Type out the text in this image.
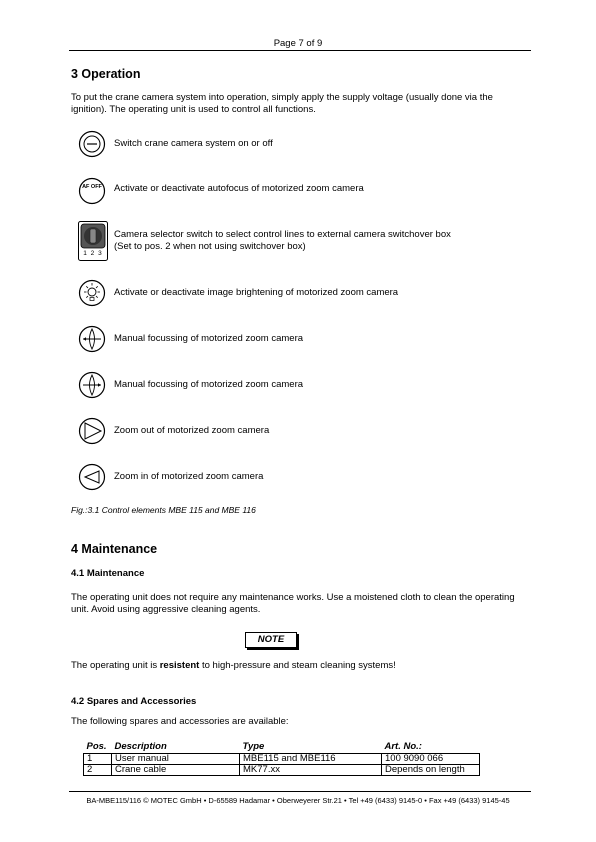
Page 7 of 9
3 Operation
To put the crane camera system into operation, simply apply the supply voltage (usually done via the ignition). The operating unit is used to control all functions.
Switch crane camera system on or off
AF OFF	Activate or deactivate autofocus of motorized zoom camera
1 2 3
Camera selector switch to select control lines to external camera switchover box
(Set to pos. 2 when not using switchover box)
Activate or deactivate image brightening of motorized zoom camera
Manual focussing of motorized zoom camera
Manual focussing of motorized zoom camera
Zoom out of motorized zoom camera
Zoom in of motorized zoom camera
Fig.:3.1 Control elements MBE 115 and MBE 116
4 Maintenance
4.1 Maintenance
The operating unit does not require any maintenance works. Use a moistened cloth to clean the operating unit. Avoid using aggressive cleaning agents.
NOTE
The operating unit is resistent to high-pressure and steam cleaning systems!
4.2 Spares and Accessories
The following spares and accessories are available:
Pos.	Description	Type	Art. No.:
1	User manual	MBE115 and MBE116	100 9090 066
2	Crane cable	MK77.xx	Depends on length
BA-MBE115/116 © MOTEC GmbH • D-65589 Hadamar • Oberweyerer Str.21 • Tel +49 (6433) 9145-0 • Fax +49 (6433) 9145-45
